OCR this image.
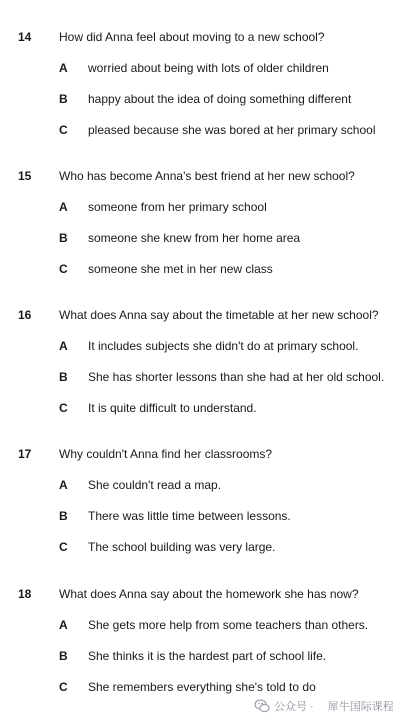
14 How did Anna feel about moving to a new school?
A worried about being with lots of older children
B happy about the idea of doing something different
C pleased because she was bored at her primary school
15 Who has become Anna's best friend at her new school?
A someone from her primary school
B someone she knew from her home area
C someone she met in her new class
16 What does Anna say about the timetable at her new school?
A It includes subjects she didn't do at primary school.
B She has shorter lessons than she had at her old school.
C It is quite difficult to understand.
17 Why couldn't Anna find her classrooms?
A She couldn't read a map.
B There was little time between lessons.
C The school building was very large.
18 What does Anna say about the homework she has now?
A She gets more help from some teachers than others.
B She thinks it is the hardest part of school life.
C She remembers everything she's told to do
公众号 · 犀牛国际课程
